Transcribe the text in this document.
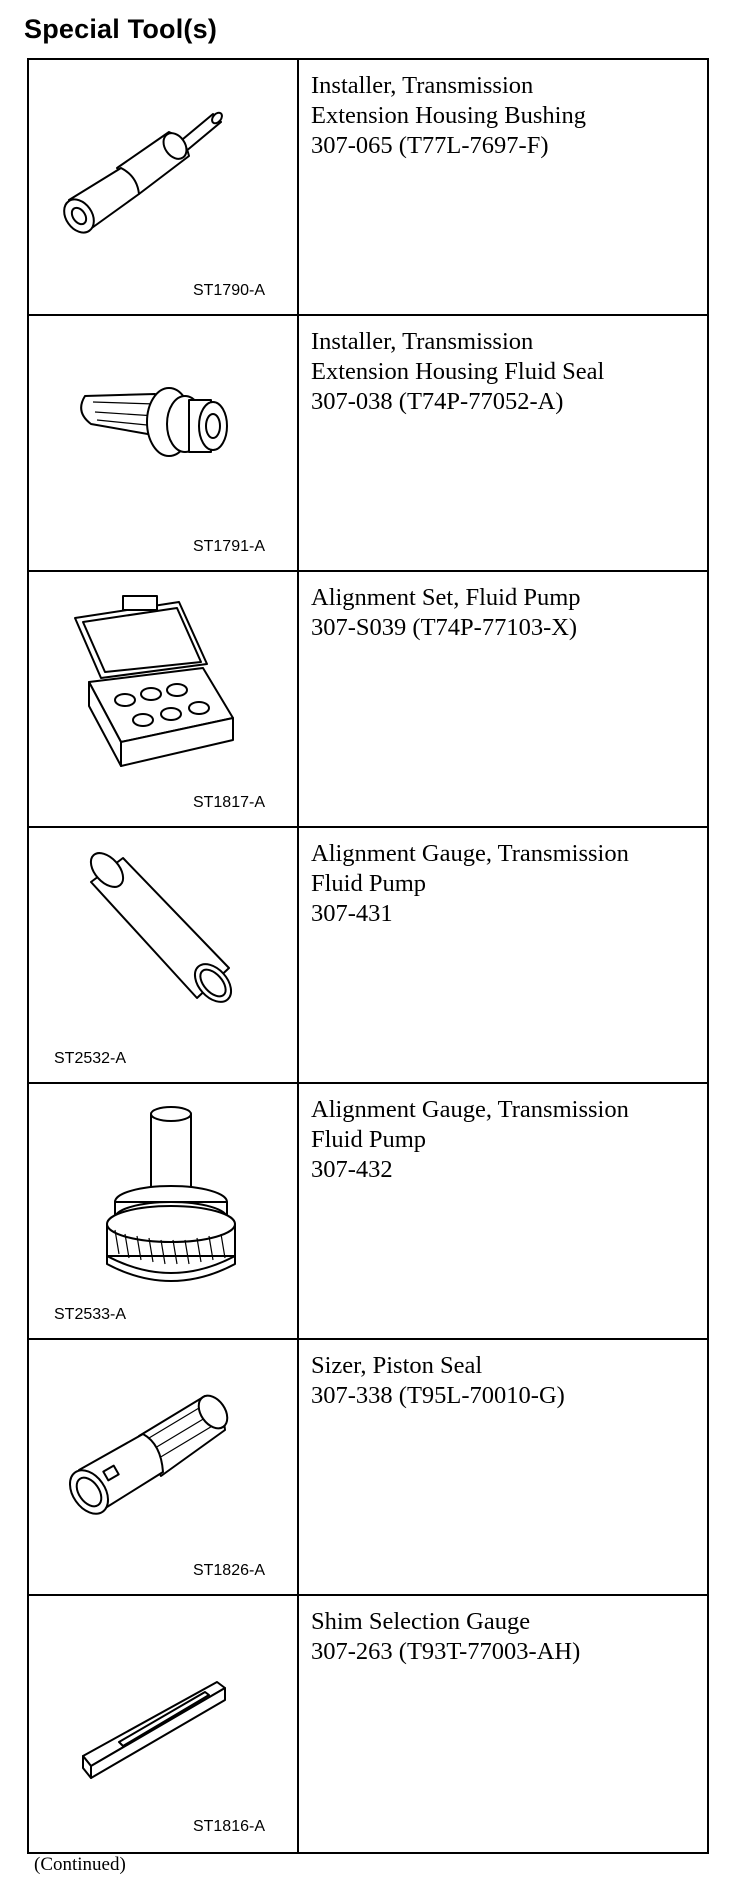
Special Tool(s)
ST1790-A	Installer, Transmission
Extension Housing Bushing
307-065 (T77L-7697-F)

ST1791-A	Installer, Transmission
Extension Housing Fluid Seal
307-038 (T74P-77052-A)

ST1817-A	Alignment Set, Fluid Pump
307-S039 (T74P-77103-X)

ST2532-A	Alignment Gauge, Transmission
Fluid Pump
307-431

ST2533-A	Alignment Gauge, Transmission
Fluid Pump
307-432

ST1826-A	Sizer, Piston Seal
307-338 (T95L-70010-G)

ST1816-A	Shim Selection Gauge
307-263 (T93T-77003-AH)
(Continued)
